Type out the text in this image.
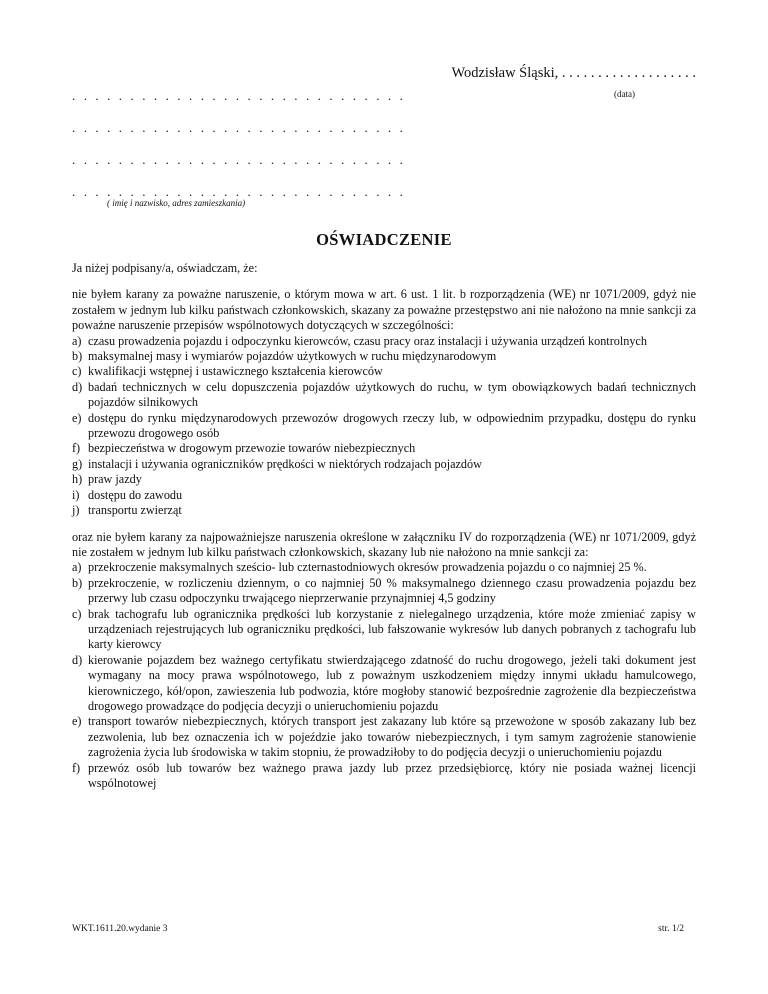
Wodzisław Śląski, . . . . . . . . . . . . . . . . . . .
(data)
. . . . . . . . . . . . . . . . . . . . . . . . . . . . .
. . . . . . . . . . . . . . . . . . . . . . . . . . . . .
. . . . . . . . . . . . . . . . . . . . . . . . . . . . .
. . . . . . . . . . . . . . . . . . . . . . . . . . . . .
( imię i nazwisko, adres zamieszkania)
OŚWIADCZENIE

Ja niżej podpisany/a, oświadczam, że:

nie byłem karany za poważne naruszenie, o którym mowa w art. 6 ust. 1 lit. b rozporządzenia (WE) nr 1071/2009, gdyż nie zostałem w jednym lub kilku państwach członkowskich, skazany za poważne przestępstwo ani nie nałożono na mnie sankcji za poważne naruszenie przepisów wspólnotowych dotyczących w szczególności:

a) czasu prowadzenia pojazdu i odpoczynku kierowców, czasu pracy oraz instalacji i używania urządzeń kontrolnych
b) maksymalnej masy i wymiarów pojazdów użytkowych w ruchu międzynarodowym
c) kwalifikacji wstępnej i ustawicznego kształcenia kierowców
d) badań technicznych w celu dopuszczenia pojazdów użytkowych do ruchu, w tym obowiązkowych badań technicznych pojazdów silnikowych
e) dostępu do rynku międzynarodowych przewozów drogowych rzeczy lub, w odpowiednim przypadku, dostępu do rynku przewozu drogowego osób
f) bezpieczeństwa w drogowym przewozie towarów niebezpiecznych
g) instalacji i używania ograniczników prędkości w niektórych rodzajach pojazdów
h) praw jazdy
i) dostępu do zawodu
j) transportu zwierząt

oraz nie byłem karany za najpoważniejsze naruszenia określone w załączniku IV do rozporządzenia (WE) nr 1071/2009, gdyż nie zostałem w jednym lub kilku państwach członkowskich, skazany lub nie nałożono na mnie sankcji za:

a) przekroczenie maksymalnych sześcio- lub czternastodniowych okresów prowadzenia pojazdu o co najmniej 25 %.
b) przekroczenie, w rozliczeniu dziennym, o co najmniej 50 % maksymalnego dziennego czasu prowadzenia pojazdu bez przerwy lub czasu odpoczynku trwającego nieprzerwanie przynajmniej 4,5 godziny
c) brak tachografu lub ogranicznika prędkości lub korzystanie z nielegalnego urządzenia, które może zmieniać zapisy w urządzeniach rejestrujących lub ograniczniku prędkości, lub fałszowanie wykresów lub danych pobranych z tachografu lub karty kierowcy
d) kierowanie pojazdem bez ważnego certyfikatu stwierdzającego zdatność do ruchu drogowego, jeżeli taki dokument jest wymagany na mocy prawa wspólnotowego, lub z poważnym uszkodzeniem między innymi układu hamulcowego, kierowniczego, kół/opon, zawieszenia lub podwozia, które mogłoby stanowić bezpośrednie zagrożenie dla bezpieczeństwa drogowego prowadzące do podjęcia decyzji o unieruchomieniu pojazdu
e) transport towarów niebezpiecznych, których transport jest zakazany lub które są przewożone w sposób zakazany lub bez zezwolenia, lub bez oznaczenia ich w pojeździe jako towarów niebezpiecznych, i tym samym zagrożenie stanowienie zagrożenia życia lub środowiska w takim stopniu, że prowadziłoby to do podjęcia decyzji o unieruchomieniu pojazdu
f) przewóz osób lub towarów bez ważnego prawa jazdy lub przez przedsiębiorcę, który nie posiada ważnej licencji wspólnotowej
WKT.1611.20.wydanie 3	str. 1/2
